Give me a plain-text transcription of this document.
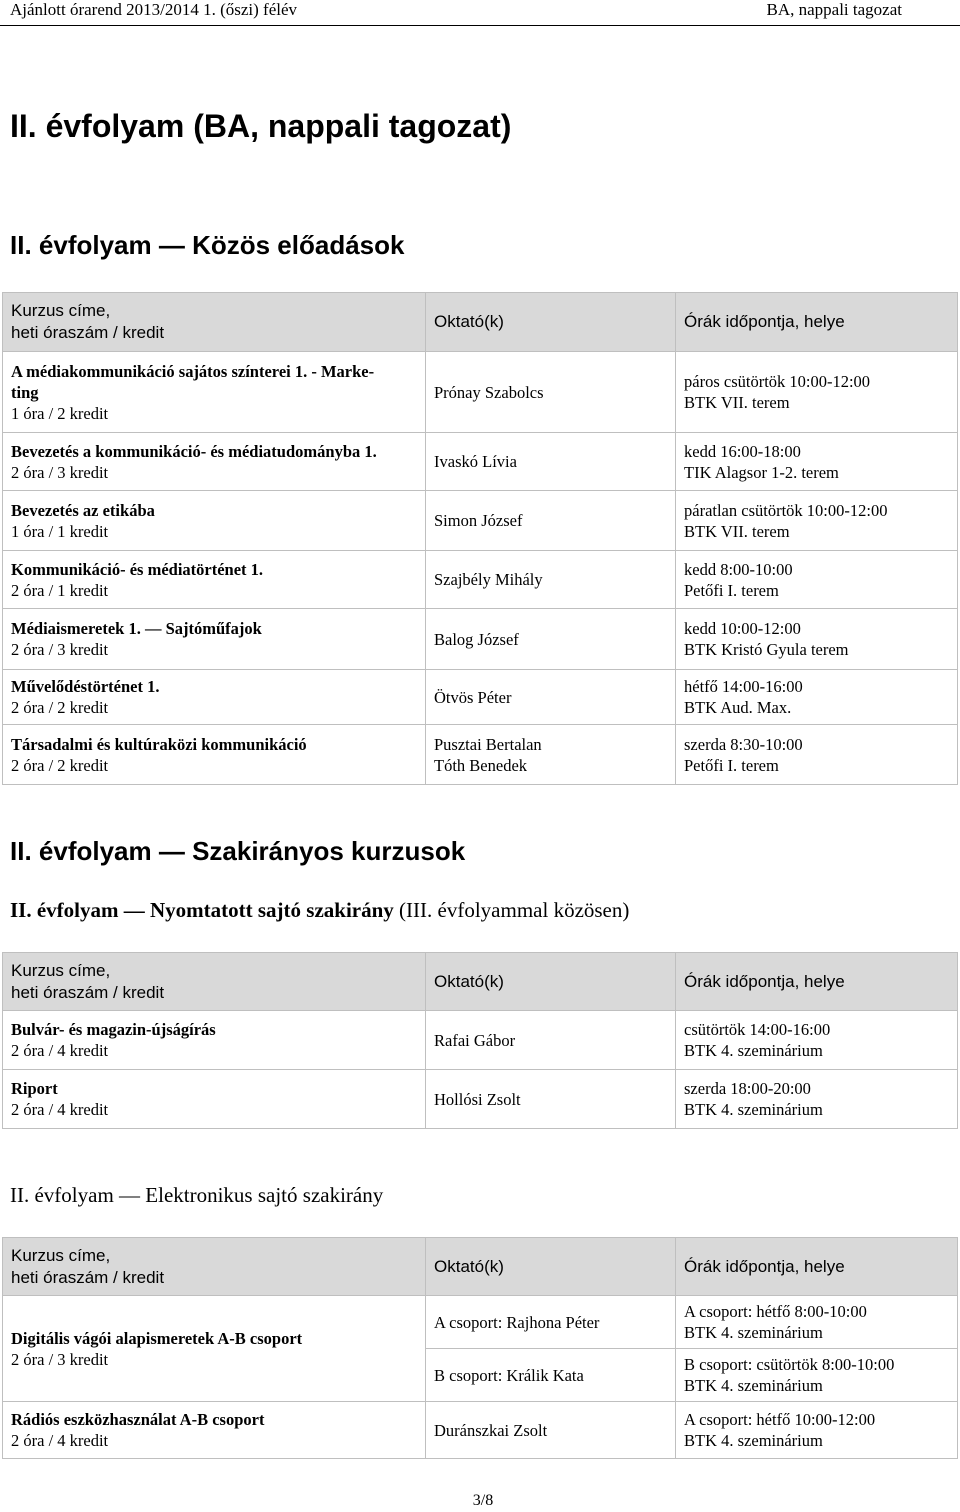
Ajánlott órarend 2013/2014 1. (őszi) félév	BA, nappali tagozat
II. évfolyam (BA, nappali tagozat)
II. évfolyam — Közös előadások
Kurzus címe,
heti óraszám / kredit	Oktató(k)	Órák időpontja, helye
A médiakommunikáció sajátos színterei 1. - Marke-
ting
1 óra / 2 kredit	Prónay Szabolcs	páros csütörtök 10:00-12:00
BTK VII. terem
Bevezetés a kommunikáció- és médiatudományba 1.
2 óra / 3 kredit	Ivaskó Lívia	kedd 16:00-18:00
TIK Alagsor 1-2. terem
Bevezetés az etikába
1 óra / 1 kredit	Simon József	páratlan csütörtök 10:00-12:00
BTK VII. terem
Kommunikáció- és médiatörténet 1.
2 óra / 1 kredit	Szajbély Mihály	kedd 8:00-10:00
Petőfi I. terem
Médiaismeretek 1. — Sajtóműfajok
2 óra / 3 kredit	Balog József	kedd 10:00-12:00
BTK Kristó Gyula terem
Művelődéstörténet 1.
2 óra / 2 kredit	Ötvös Péter	hétfő 14:00-16:00
BTK Aud. Max.
Társadalmi és kultúraközi kommunikáció
2 óra / 2 kredit	Pusztai Bertalan
Tóth Benedek	szerda 8:30-10:00
Petőfi I. terem
II. évfolyam — Szakirányos kurzusok
II. évfolyam — Nyomtatott sajtó szakirány (III. évfolyammal közösen)
Kurzus címe,
heti óraszám / kredit	Oktató(k)	Órák időpontja, helye
Bulvár- és magazin-újságírás
2 óra / 4 kredit	Rafai Gábor	csütörtök 14:00-16:00
BTK 4. szeminárium
Riport
2 óra / 4 kredit	Hollósi Zsolt	szerda 18:00-20:00
BTK 4. szeminárium
II. évfolyam — Elektronikus sajtó szakirány
Kurzus címe,
heti óraszám / kredit	Oktató(k)	Órák időpontja, helye
Digitális vágói alapismeretek A-B csoport
2 óra / 3 kredit	A csoport: Rajhona Péter	A csoport: hétfő 8:00-10:00
BTK 4. szeminárium
	B csoport: Králik Kata	B csoport: csütörtök 8:00-10:00
BTK 4. szeminárium
Rádiós eszközhasználat A-B csoport
2 óra / 4 kredit	Duránszkai Zsolt	A csoport: hétfő 10:00-12:00
BTK 4. szeminárium
3/8
